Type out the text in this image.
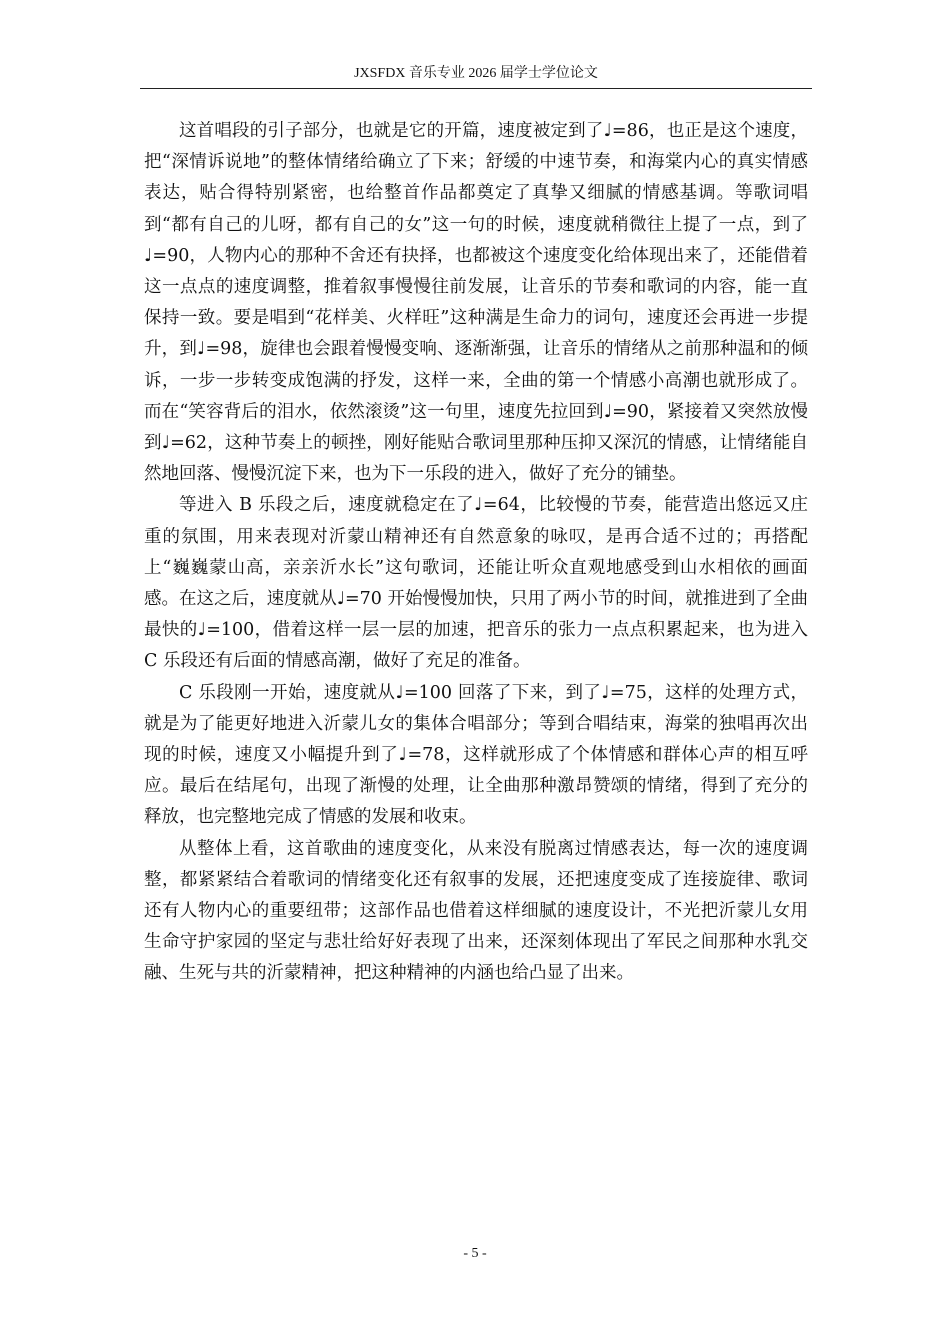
JXSFDX 音乐专业 2026 届学士学位论文

这首唱段的引子部分，也就是它的开篇，速度被定到了♩=86，也正是这个速度，把“深情诉说地”的整体情绪给确立了下来；舒缓的中速节奏，和海棠内心的真实情感表达，贴合得特别紧密，也给整首作品都奠定了真挚又细腻的情感基调。等歌词唱到“都有自己的儿呀，都有自己的女”这一句的时候，速度就稍微往上提了一点，到了♩=90，人物内心的那种不舍还有抉择，也都被这个速度变化给体现出来了，还能借着这一点点的速度调整，推着叙事慢慢往前发展，让音乐的节奏和歌词的内容，能一直保持一致。要是唱到“花样美、火样旺”这种满是生命力的词句，速度还会再进一步提升，到♩=98，旋律也会跟着慢慢变响、逐渐渐强，让音乐的情绪从之前那种温和的倾诉，一步一步转变成饱满的抒发，这样一来，全曲的第一个情感小高潮也就形成了。而在“笑容背后的泪水，依然滚烫”这一句里，速度先拉回到♩=90，紧接着又突然放慢到♩=62，这种节奏上的顿挫，刚好能贴合歌词里那种压抑又深沉的情感，让情绪能自然地回落、慢慢沉淀下来，也为下一乐段的进入，做好了充分的铺垫。

等进入 B 乐段之后，速度就稳定在了♩=64，比较慢的节奏，能营造出悠远又庄重的氛围，用来表现对沂蒙山精神还有自然意象的咏叹，是再合适不过的；再搭配上“巍巍蒙山高，亲亲沂水长”这句歌词，还能让听众直观地感受到山水相依的画面感。在这之后，速度就从♩=70 开始慢慢加快，只用了两小节的时间，就推进到了全曲最快的♩=100，借着这样一层一层的加速，把音乐的张力一点点积累起来，也为进入 C 乐段还有后面的情感高潮，做好了充足的准备。

C 乐段刚一开始，速度就从♩=100 回落了下来，到了♩=75，这样的处理方式，就是为了能更好地进入沂蒙儿女的集体合唱部分；等到合唱结束，海棠的独唱再次出现的时候，速度又小幅提升到了♩=78，这样就形成了个体情感和群体心声的相互呼应。最后在结尾句，出现了渐慢的处理，让全曲那种激昂赞颂的情绪，得到了充分的释放，也完整地完成了情感的发展和收束。

从整体上看，这首歌曲的速度变化，从来没有脱离过情感表达，每一次的速度调整，都紧紧结合着歌词的情绪变化还有叙事的发展，还把速度变成了连接旋律、歌词还有人物内心的重要纽带；这部作品也借着这样细腻的速度设计，不光把沂蒙儿女用生命守护家园的坚定与悲壮给好好表现了出来，还深刻体现出了军民之间那种水乳交融、生死与共的沂蒙精神，把这种精神的内涵也给凸显了出来。

- 5 -
